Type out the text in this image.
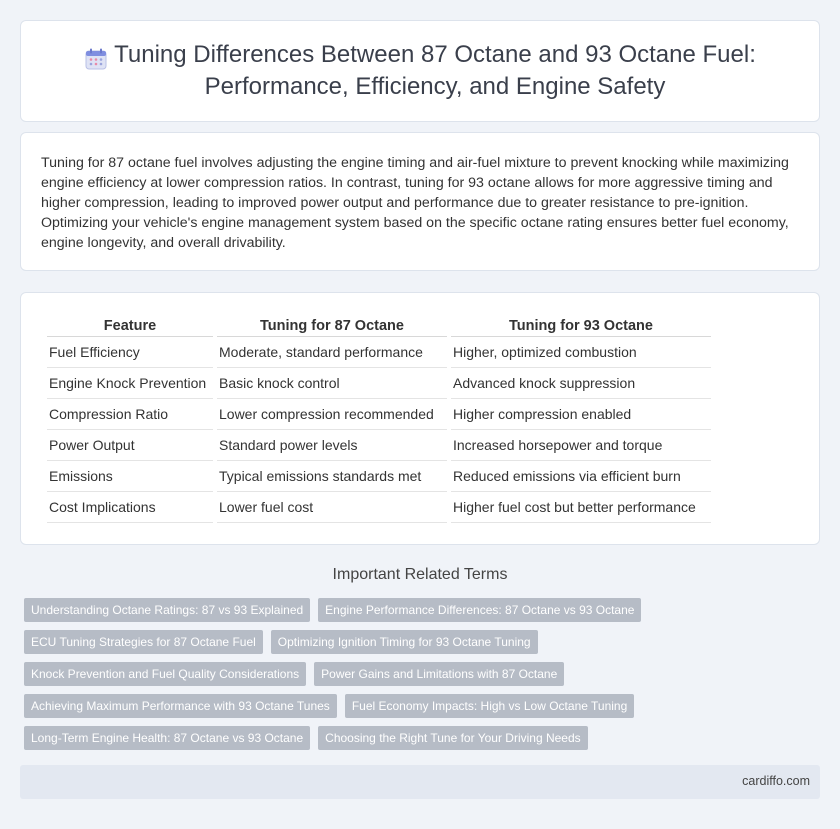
Tuning Differences Between 87 Octane and 93 Octane Fuel: Performance, Efficiency, and Engine Safety

Tuning for 87 octane fuel involves adjusting the engine timing and air-fuel mixture to prevent knocking while maximizing engine efficiency at lower compression ratios. In contrast, tuning for 93 octane allows for more aggressive timing and higher compression, leading to improved power output and performance due to greater resistance to pre-ignition. Optimizing your vehicle's engine management system based on the specific octane rating ensures better fuel economy, engine longevity, and overall drivability.

Feature	Tuning for 87 Octane	Tuning for 93 Octane
Fuel Efficiency	Moderate, standard performance	Higher, optimized combustion
Engine Knock Prevention	Basic knock control	Advanced knock suppression
Compression Ratio	Lower compression recommended	Higher compression enabled
Power Output	Standard power levels	Increased horsepower and torque
Emissions	Typical emissions standards met	Reduced emissions via efficient burn
Cost Implications	Lower fuel cost	Higher fuel cost but better performance
Important Related Terms
Understanding Octane Ratings: 87 vs 93 Explained	Engine Performance Differences: 87 Octane vs 93 Octane
ECU Tuning Strategies for 87 Octane Fuel	Optimizing Ignition Timing for 93 Octane Tuning
Knock Prevention and Fuel Quality Considerations	Power Gains and Limitations with 87 Octane
Achieving Maximum Performance with 93 Octane Tunes	Fuel Economy Impacts: High vs Low Octane Tuning
Long-Term Engine Health: 87 Octane vs 93 Octane	Choosing the Right Tune for Your Driving Needs
cardiffo.com
